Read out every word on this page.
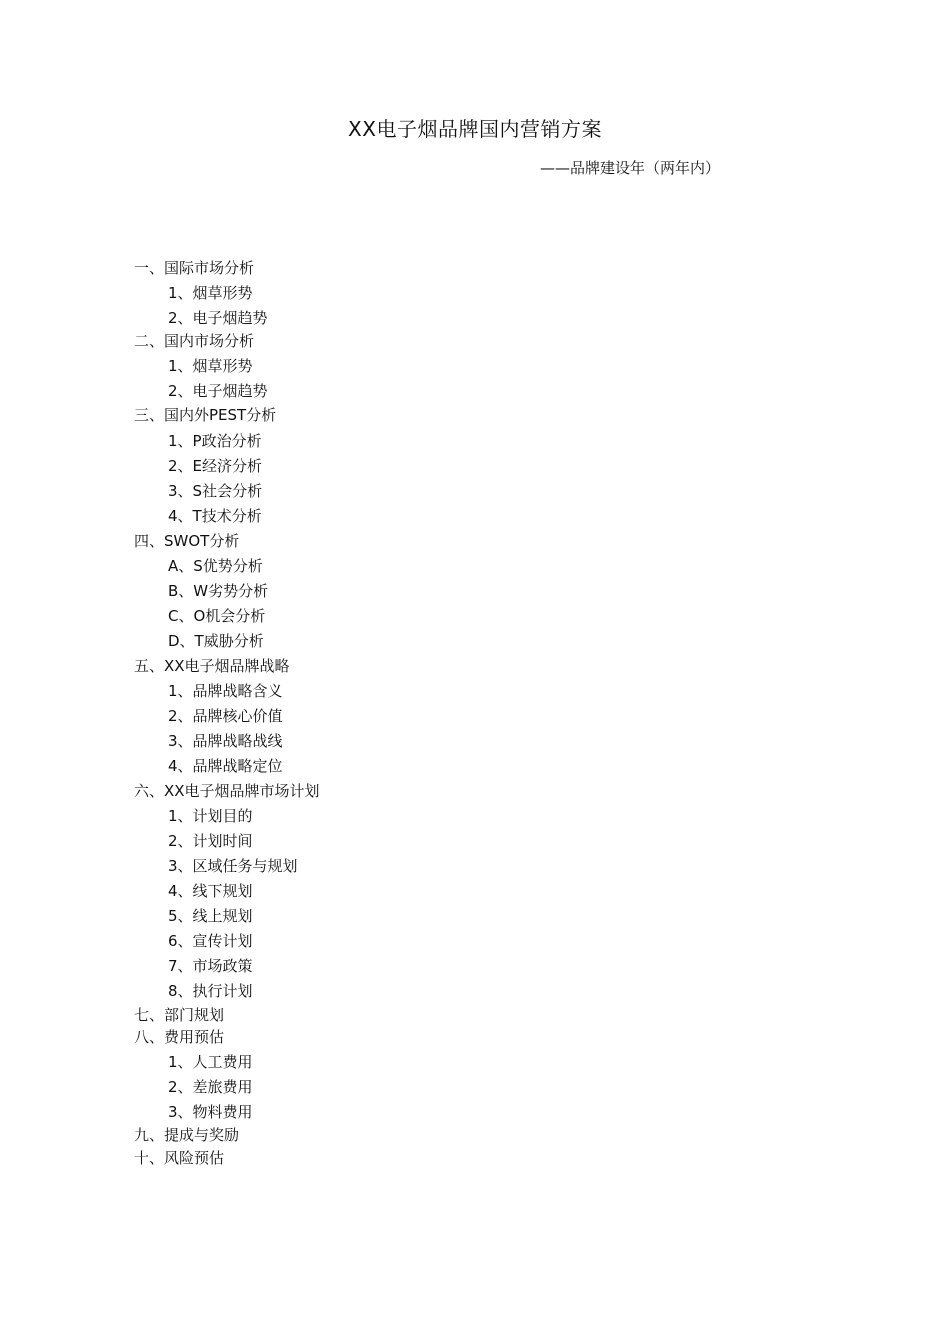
XX电子烟品牌国内营销方案
——品牌建设年（两年内）
一、国际市场分析
1、烟草形势
2、电子烟趋势
二、国内市场分析
1、烟草形势
2、电子烟趋势
三、国内外PEST分析
1、P政治分析
2、E经济分析
3、S社会分析
4、T技术分析
四、SWOT分析
A、S优势分析
B、W劣势分析
C、O机会分析
D、T威胁分析
五、XX电子烟品牌战略
1、品牌战略含义
2、品牌核心价值
3、品牌战略战线
4、品牌战略定位
六、XX电子烟品牌市场计划
1、计划目的
2、计划时间
3、区域任务与规划
4、线下规划
5、线上规划
6、宣传计划
7、市场政策
8、执行计划
七、部门规划
八、费用预估
1、人工费用
2、差旅费用
3、物料费用
九、提成与奖励
十、风险预估
